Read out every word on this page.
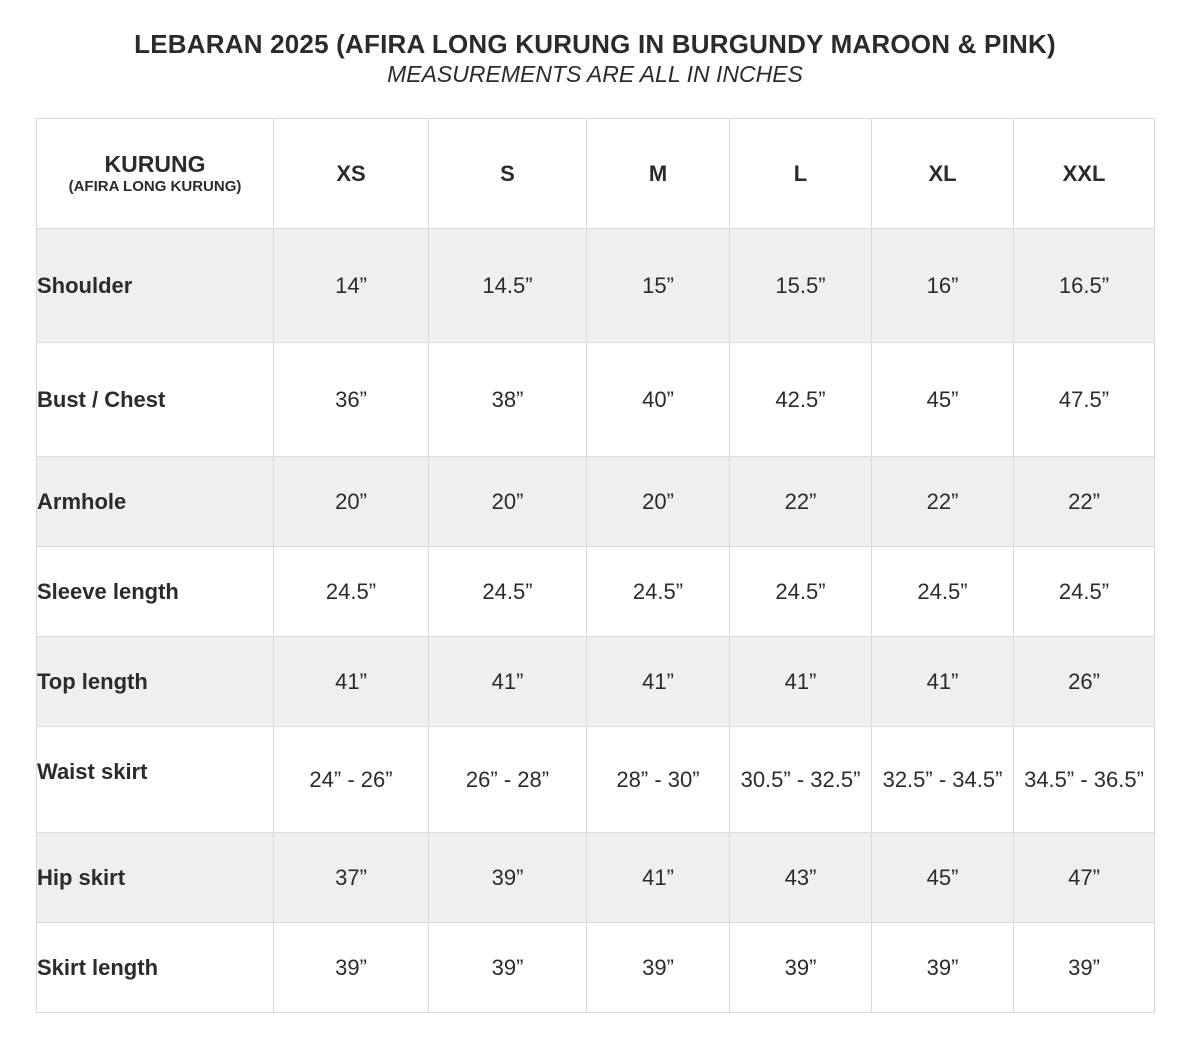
LEBARAN 2025 (AFIRA LONG KURUNG IN BURGUNDY MAROON & PINK)
MEASUREMENTS ARE ALL IN INCHES
KURUNG
(AFIRA LONG KURUNG)	XS	S	M	L	XL	XXL
Shoulder	14”	14.5”	15”	15.5”	16”	16.5”
Bust / Chest	36”	38”	40”	42.5”	45”	47.5”
Armhole	20”	20”	20”	22”	22”	22”
Sleeve length	24.5”	24.5”	24.5”	24.5”	24.5”	24.5”
Top length	41”	41”	41”	41”	41”	26”
Waist skirt	24” - 26”	26” - 28”	28” - 30”	30.5” - 32.5”	32.5” - 34.5”	34.5” - 36.5”
Hip skirt	37”	39”	41”	43”	45”	47”
Skirt length	39”	39”	39”	39”	39”	39”
